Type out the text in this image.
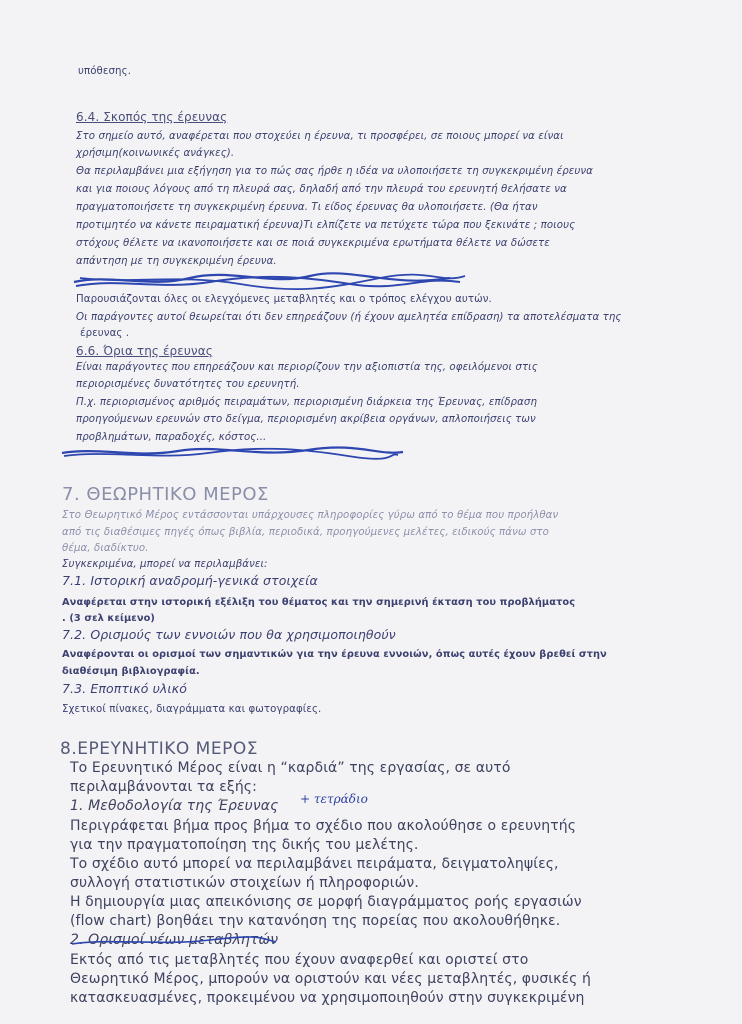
υπόθεσης.
6.4. Σκοπός της έρευνας
Στο σημείο αυτό, αναφέρεται που στοχεύει η έρευνα, τι προσφέρει, σε ποιους μπορεί να είναι
χρήσιμη(κοινωνικές ανάγκες).
Θα περιλαμβάνει μια εξήγηση για το πώς σας ήρθε η ιδέα να υλοποιήσετε τη συγκεκριμένη έρευνα
και για ποιους λόγους από τη πλευρά σας, δηλαδή από την πλευρά του ερευνητή θελήσατε να
πραγματοποιήσετε τη συγκεκριμένη έρευνα. Τι είδος έρευνας θα υλοποιήσετε. (Θα ήταν
προτιμητέο να κάνετε πειραματική έρευνα)Τι ελπίζετε να πετύχετε τώρα που ξεκινάτε ; ποιους
στόχους θέλετε να ικανοποιήσετε και σε ποιά συγκεκριμένα ερωτήματα θέλετε να δώσετε
απάντηση με τη συγκεκριμένη έρευνα.
Παρουσιάζονται όλες οι ελεγχόμενες μεταβλητές και ο τρόπος ελέγχου αυτών.
Οι παράγοντες αυτοί θεωρείται ότι δεν επηρεάζουν (ή έχουν αμελητέα επίδραση) τα αποτελέσματα της
έρευνας .
6.6. Όρια της έρευνας
Είναι παράγοντες που επηρεάζουν και περιορίζουν την αξιοπιστία της, οφειλόμενοι στις
περιορισμένες δυνατότητες του ερευνητή.
Π.χ. περιορισμένος αριθμός πειραμάτων, περιορισμένη διάρκεια της Έρευνας, επίδραση
προηγούμενων ερευνών στο δείγμα, περιορισμένη ακρίβεια οργάνων, απλοποιήσεις των
προβλημάτων, παραδοχές, κόστος...
7. ΘΕΩΡΗΤΙΚΟ ΜΕΡΟΣ
Στο Θεωρητικό Μέρος εντάσσονται υπάρχουσες πληροφορίες γύρω από το θέμα που προήλθαν
από τις διαθέσιμες πηγές όπως βιβλία, περιοδικά, προηγούμενες μελέτες, ειδικούς πάνω στο
θέμα, διαδίκτυο.
Συγκεκριμένα, μπορεί να περιλαμβάνει:
7.1. Ιστορική αναδρομή-γενικά στοιχεία
Αναφέρεται στην ιστορική εξέλιξη του θέματος και την σημερινή έκταση του προβλήματος
. (3 σελ κείμενο)
7.2. Ορισμούς των εννοιών που θα χρησιμοποιηθούν
Αναφέρονται οι ορισμοί των σημαντικών για την έρευνα εννοιών, όπως αυτές έχουν βρεθεί στην
διαθέσιμη βιβλιογραφία.
7.3. Εποπτικό υλικό
Σχετικοί πίνακες, διαγράμματα και φωτογραφίες.
8.ΕΡΕΥΝΗΤΙΚΟ ΜΕΡΟΣ
Το Ερευνητικό Μέρος είναι η “καρδιά” της εργασίας, σε αυτό
περιλαμβάνονται τα εξής:
1. Μεθοδολογία της Έρευνας + τετράδιο
Περιγράφεται βήμα προς βήμα το σχέδιο που ακολούθησε ο ερευνητής
για την πραγματοποίηση της δικής του μελέτης.
Το σχέδιο αυτό μπορεί να περιλαμβάνει πειράματα, δειγματοληψίες,
συλλογή στατιστικών στοιχείων ή πληροφοριών.
Η δημιουργία μιας απεικόνισης σε μορφή διαγράμματος ροής εργασιών
(flow chart) βοηθάει την κατανόηση της πορείας που ακολουθήθηκε.
2. Ορισμοί νέων μεταβλητών
Εκτός από τις μεταβλητές που έχουν αναφερθεί και οριστεί στο
Θεωρητικό Μέρος, μπορούν να οριστούν και νέες μεταβλητές, φυσικές ή
κατασκευασμένες, προκειμένου να χρησιμοποιηθούν στην συγκεκριμένη
